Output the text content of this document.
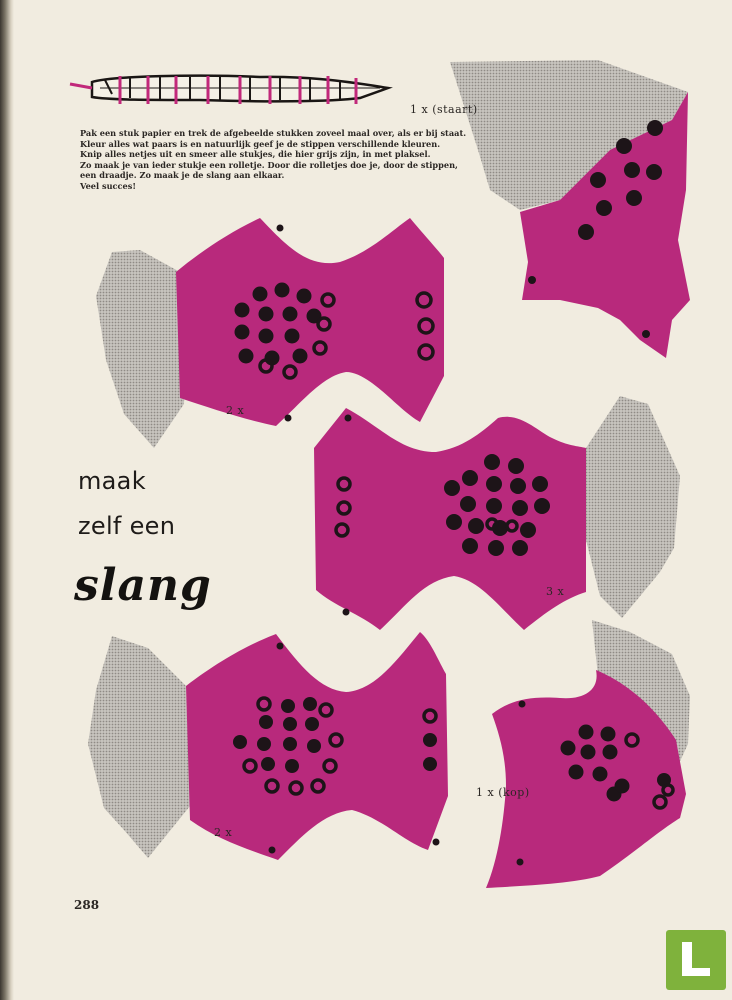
Pak een stuk papier en trek de afgebeelde stukken zoveel maal over, als er bij staat. Kleur alles wat paars is en natuurlijk geef je de stippen verschillende kleuren.

Knip alles netjes uit en smeer alle stukjes, die hier grijs zijn, in met plaksel.

Zo maak je van ieder stukje een rolletje. Door die rolletjes doe je, door de stippen, een draadje. Zo maak je de slang aan elkaar.

Veel succes!

1 x (staart)
2 x
3 x
2 x
1 x (kop)
maak
zelf een
slang
288
